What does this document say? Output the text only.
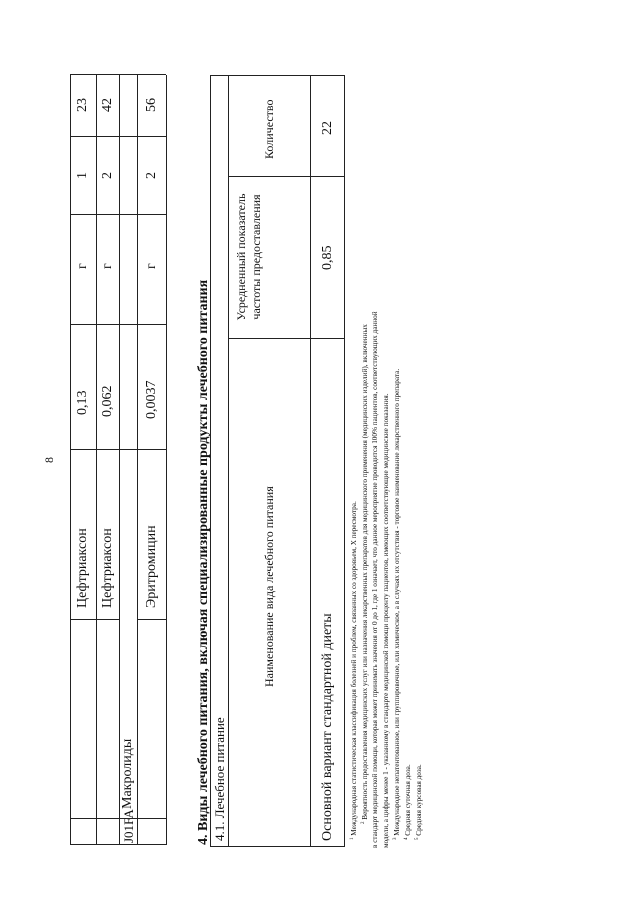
8
Цефтриаксон
0,13
г
1
23
Цефтриаксон
0,062
г
2
42
J01FA
Макролиды
Эритромицин
0,0037
г
2
56
4. Виды лечебного питания, включая специализированные продукты лечебного питания 4.1. Лечебное питание
Наименование вида лечебного питания
Усредненный показатель частоты предоставления
Количество
Основной вариант стандартной диеты
0,85
22
$^1$ Международная статистическая классификация болезней и проблем, связанных со здоровьем, X пересмотра. $^2$ Вероятность предоставления медицинских услуг или назначения лекарственных препаратов для медицинского применения (медицинских изделий), включенных в стандарт медицинской помощи, которая может принимать значения от 0 до 1, где 1 означает, что данное мероприятие проводится 100% пациентов, соответствующих данной модели, а цифры менее 1 - указанному в стандарте медицинской помощи проценту пациентов, имеющих соответствующие медицинские показания. $^3$ Международное непатентованное, или группировочное, или химическое, а в случаях их отсутствия - торговое наименование лекарственного препарата.
$^4$ Средняя суточная доза.
$^5$ Средняя курсовая доза.
